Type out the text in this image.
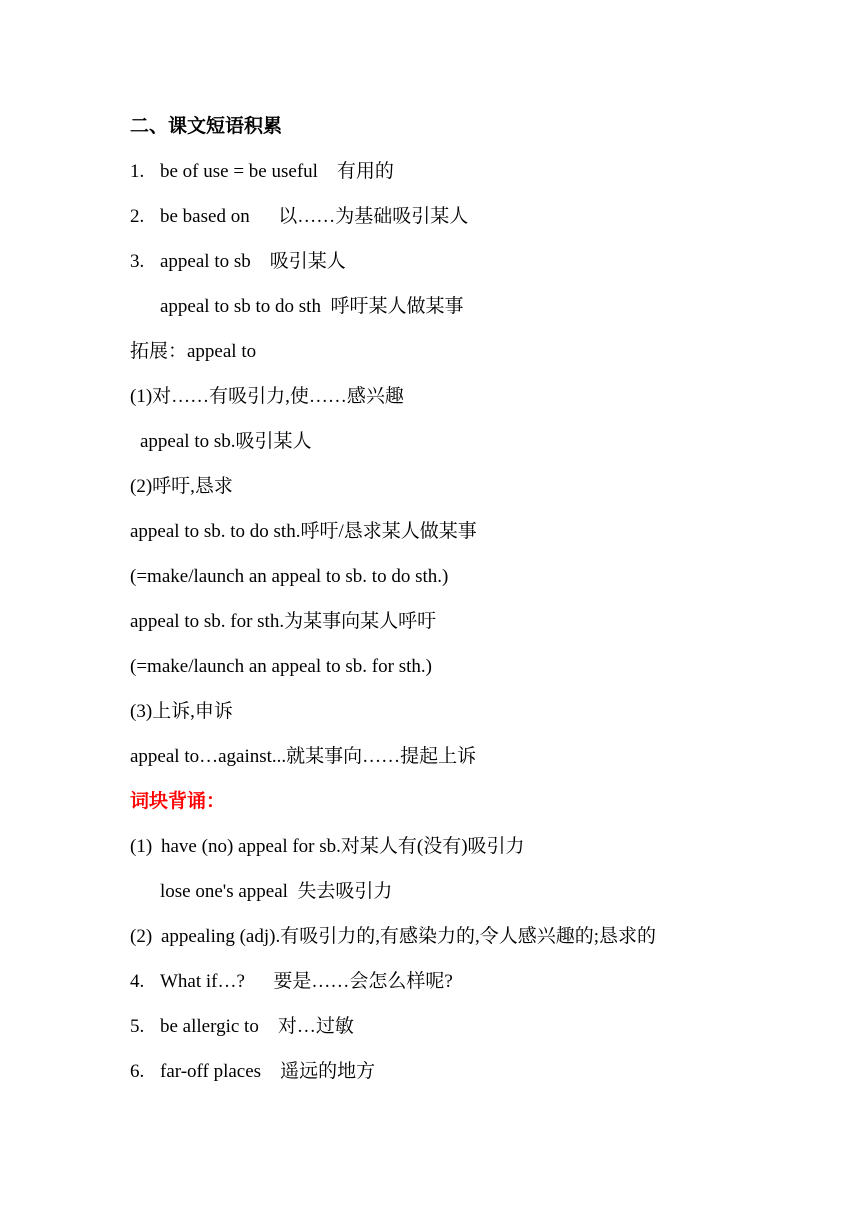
二、课文短语积累
1. be of use = be useful    有用的
2. be based on      以……为基础吸引某人
3. appeal to sb    吸引某人
appeal to sb to do sth  呼吁某人做某事
拓展：appeal to
(1)对……有吸引力,使……感兴趣
appeal to sb.吸引某人
(2)呼吁,恳求
appeal to sb. to do sth.呼吁/恳求某人做某事
(=make/launch an appeal to sb. to do sth.)
appeal to sb. for sth.为某事向某人呼吁
(=make/launch an appeal to sb. for sth.)
(3)上诉,申诉
appeal to…against...就某事向……提起上诉
词块背诵：
(1) have (no) appeal for sb.对某人有(没有)吸引力
lose one's appeal  失去吸引力
(2) appealing (adj).有吸引力的,有感染力的,令人感兴趣的;恳求的
4. What if…?      要是……会怎么样呢?
5. be allergic to    对…过敏
6. far-off places    遥远的地方
